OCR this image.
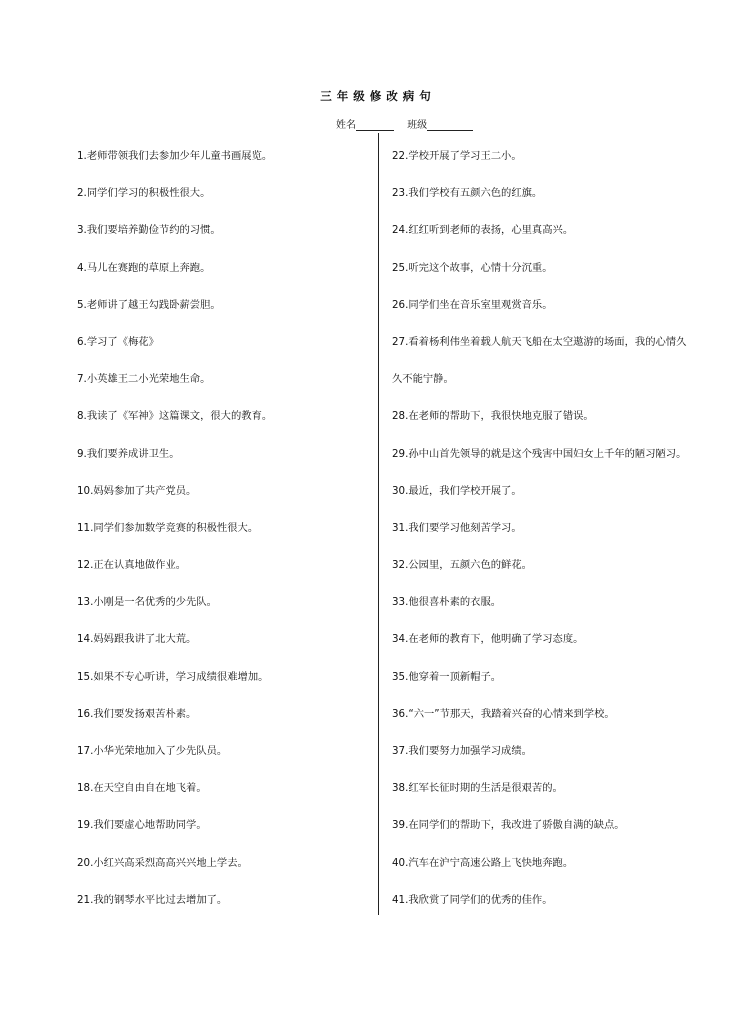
三年级修改病句
姓名	班级
1.老师带领我们去参加少年儿童书画展览。
2.同学们学习的积极性很大。
3.我们要培养勤俭节约的习惯。
4.马儿在赛跑的草原上奔跑。
5.老师讲了越王勾践卧薪尝胆。
6.学习了《梅花》
7.小英雄王二小光荣地生命。
8.我读了《军神》这篇课文，很大的教育。
9.我们要养成讲卫生。
10.妈妈参加了共产党员。
11.同学们参加数学竞赛的积极性很大。
12.正在认真地做作业。
13.小刚是一名优秀的少先队。
14.妈妈跟我讲了北大荒。
15.如果不专心听讲，学习成绩很难增加。
16.我们要发扬艰苦朴素。
17.小华光荣地加入了少先队员。
18.在天空自由自在地飞着。
19.我们要虚心地帮助同学。
20.小红兴高采烈高高兴兴地上学去。
21.我的钢琴水平比过去增加了。
22.学校开展了学习王二小。
23.我们学校有五颜六色的红旗。
24.红红听到老师的表扬，心里真高兴。
25.听完这个故事，心情十分沉重。
26.同学们坐在音乐室里观赏音乐。
27.看着杨利伟坐着载人航天飞船在太空遨游的场面，我的心情久
久不能宁静。
28.在老师的帮助下，我很快地克服了错误。
29.孙中山首先领导的就是这个残害中国妇女上千年的陋习陋习。
30.最近，我们学校开展了。
31.我们要学习他刻苦学习。
32.公园里，五颜六色的鲜花。
33.他很喜朴素的衣服。
34.在老师的教育下，他明确了学习态度。
35.他穿着一顶新帽子。
36.“六一”节那天，我踏着兴奋的心情来到学校。
37.我们要努力加强学习成绩。
38.红军长征时期的生活是很艰苦的。
39.在同学们的帮助下，我改进了骄傲自满的缺点。
40.汽车在沪宁高速公路上飞快地奔跑。
41.我欣赏了同学们的优秀的佳作。
